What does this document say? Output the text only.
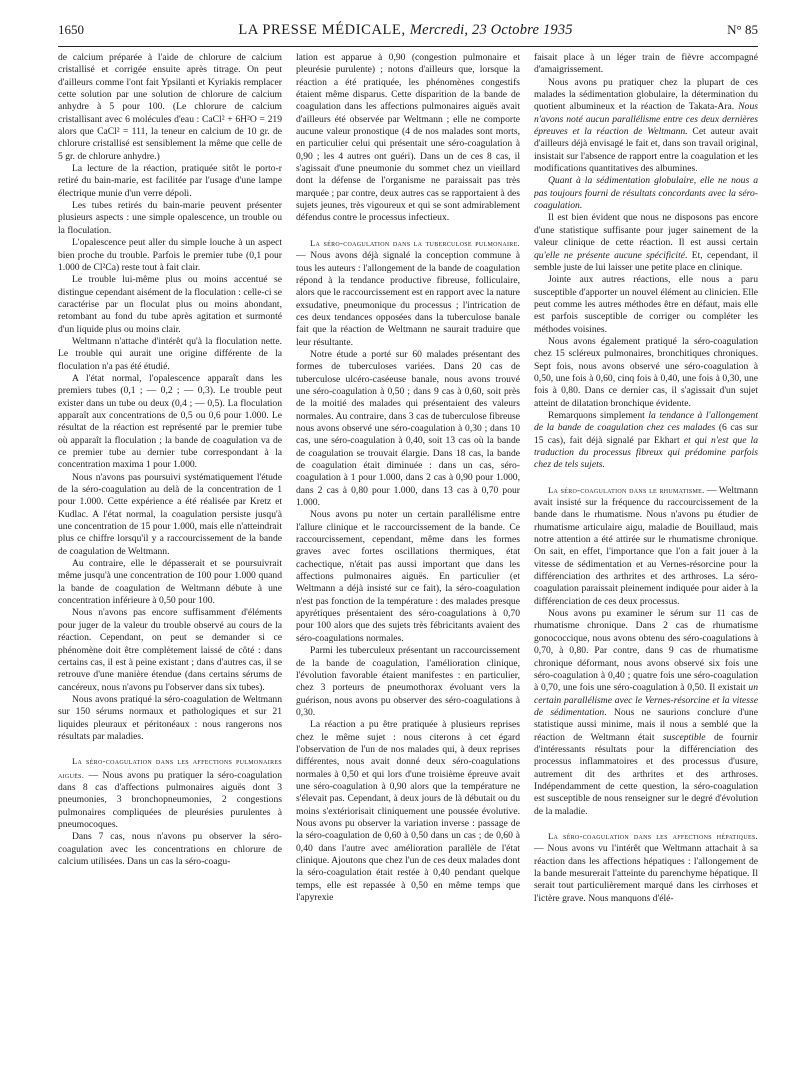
1650	LA PRESSE MÉDICALE, Mercredi, 23 Octobre 1935	N° 85

de calcium préparée à l'aide de chlorure de calcium cristallisé et corrigée ensuite après titrage. On peut d'ailleurs comme l'ont fait Ypsilanti et Kyriakis remplacer cette solution par une solution de chlorure de calcium anhydre à 5 pour 100. (Le chlorure de calcium cristallisant avec 6 molécules d'eau : CaCl² + 6H²O = 219 alors que CaCl² = 111, la teneur en calcium de 10 gr. de chlorure cristallisé est sensiblement la même que celle de 5 gr. de chlorure anhydre.)

La lecture de la réaction, pratiquée sitôt le porto-r retiré du bain-marie, est facilitée par l'usage d'une lampe électrique munie d'un verre dépoli.

Les tubes retirés du bain-marie peuvent présenter plusieurs aspects : une simple opalescence, un trouble ou la floculation.

L'opalescence peut aller du simple louche à un aspect bien proche du trouble. Parfois le premier tube (0,1 pour 1.000 de Cl²Ca) reste tout à fait clair.

Le trouble lui-même plus ou moins accentué se distingue cependant aisément de la floculation : celle-ci se caractérise par un floculat plus ou moins abondant, retombant au fond du tube après agitation et surmonté d'un liquide plus ou moins clair.

Weltmann n'attache d'intérêt qu'à la floculation nette. Le trouble qui aurait une origine différente de la floculation n'a pas été étudié.

A l'état normal, l'opalescence apparaît dans les premiers tubes (0,1 ; — 0,2 ; — 0,3). Le trouble peut exister dans un tube ou deux (0,4 ; — 0,5). La floculation apparaît aux concentrations de 0,5 ou 0,6 pour 1.000. Le résultat de la réaction est représenté par le premier tube où apparaît la floculation ; la bande de coagulation va de ce premier tube au dernier tube correspondant à la concentration maxima 1 pour 1.000.

Nous n'avons pas poursuivi systématiquement l'étude de la séro-coagulation au delà de la concentration de 1 pour 1.000. Cette expérience a été réalisée par Kretz et Kudlac. A l'état normal, la coagulation persiste jusqu'à une concentration de 15 pour 1.000, mais elle n'atteindrait plus ce chiffre lorsqu'il y a raccourcissement de la bande de coagulation de Weltmann.

Au contraire, elle le dépasserait et se poursuivrait même jusqu'à une concentration de 100 pour 1.000 quand la bande de coagulation de Weltmann débute à une concentration inférieure à 0,50 pour 100.

Nous n'avons pas encore suffisamment d'éléments pour juger de la valeur du trouble observé au cours de la réaction. Cependant, on peut se demander si ce phénomène doit être complètement laissé de côté : dans certains cas, il est à peine existant ; dans d'autres cas, il se retrouve d'une manière étendue (dans certains sérums de cancéreux, nous n'avons pu l'observer dans six tubes).

Nous avons pratiqué la séro-coagulation de Weltmann sur 150 sérums normaux et pathologiques et sur 21 liquides pleuraux et péritonéaux : nous rangerons nos résultats par maladies.

La séro-coagulation dans les affections pulmonaires aiguës. — Nous avons pu pratiquer la séro-coagulation dans 8 cas d'affections pulmonaires aiguës dont 3 pneumonies, 3 bronchopneumonies, 2 congestions pulmonaires compliquées de pleurésies purulentes à pneumocoques.

Dans 7 cas, nous n'avons pu observer la séro-coagulation avec les concentrations en chlorure de calcium utilisées. Dans un cas la séro-coagu-

lation est apparue à 0,90 (congestion pulmonaire et pleurésie purulente) ; notons d'ailleurs que, lorsque la réaction a été pratiquée, les phénomènes congestifs étaient même disparus. Cette disparition de la bande de coagulation dans les affections pulmonaires aiguës avait d'ailleurs été observée par Weltmann ; elle ne comporte aucune valeur pronostique (4 de nos malades sont morts, en particulier celui qui présentait une séro-coagulation à 0,90 ; les 4 autres ont guéri). Dans un de ces 8 cas, il s'agissait d'une pneumonie du sommet chez un vieillard dont la défense de l'organisme ne paraissait pas très marquée ; par contre, deux autres cas se rapportaient à des sujets jeunes, très vigoureux et qui se sont admirablement défendus contre le processus infectieux.

La séro-coagulation dans la tuberculose pulmonaire. — Nous avons déjà signalé la conception commune à tous les auteurs : l'allongement de la bande de coagulation répond à la tendance productive fibreuse, folliculaire, alors que le raccourcissement est en rapport avec la nature exsudative, pneumonique du processus ; l'intrication de ces deux tendances opposées dans la tuberculose banale fait que la réaction de Weltmann ne saurait traduire que leur résultante.

Notre étude a porté sur 60 malades présentant des formes de tuberculoses variées. Dans 20 cas de tuberculose ulcéro-caséeuse banale, nous avons trouvé une séro-coagulation à 0,50 ; dans 9 cas à 0,60, soit près de la moitié des malades qui présentaient des valeurs normales. Au contraire, dans 3 cas de tuberculose fibreuse nous avons observé une séro-coagulation à 0,30 ; dans 10 cas, une séro-coagulation à 0,40, soit 13 cas où la bande de coagulation se trouvait élargie. Dans 18 cas, la bande de coagulation était diminuée : dans un cas, séro-coagulation à 1 pour 1.000, dans 2 cas à 0,90 pour 1.000, dans 2 cas à 0,80 pour 1.000, dans 13 cas à 0,70 pour 1.000.

Nous avons pu noter un certain parallélisme entre l'allure clinique et le raccourcissement de la bande. Ce raccourcissement, cependant, même dans les formes graves avec fortes oscillations thermiques, état cachectique, n'était pas aussi important que dans les affections pulmonaires aiguës. En particulier (et Weltmann a déjà insisté sur ce fait), la séro-coagulation n'est pas fonction de la température : des malades presque apyrétiques présentaient des séro-coagulations à 0,70 pour 100 alors que des sujets très fébricitants avaient des séro-coagulations normales.

Parmi les tuberculeux présentant un raccourcissement de la bande de coagulation, l'amélioration clinique, l'évolution favorable étaient manifestes : en particulier, chez 3 porteurs de pneumothorax évoluant vers la guérison, nous avons pu observer des séro-coagulations à 0,30.

La réaction a pu être pratiquée à plusieurs reprises chez le même sujet : nous citerons à cet égard l'observation de l'un de nos malades qui, à deux reprises différentes, nous avait donné deux séro-coagulations normales à 0,50 et qui lors d'une troisième épreuve avait une séro-coagulation à 0,90 alors que la température ne s'élevait pas. Cependant, à deux jours de là débutait ou du moins s'extériorisait cliniquement une poussée évolutive. Nous avons pu observer la variation inverse : passage de la séro-coagulation de 0,60 à 0,50 dans un cas ; de 0,60 à 0,40 dans l'autre avec amélioration parallèle de l'état clinique. Ajoutons que chez l'un de ces deux malades dont la séro-coagulation était restée à 0,40 pendant quelque temps, elle est repassée à 0,50 en même temps que l'apyrexie

faisait place à un léger train de fièvre accompagné d'amaigrissement.

Nous avons pu pratiquer chez la plupart de ces malades la sédimentation globulaire, la détermination du quotient albumineux et la réaction de Takata-Ara. Nous n'avons noté aucun parallélisme entre ces deux dernières épreuves et la réaction de Weltmann. Cet auteur avait d'ailleurs déjà envisagé le fait et, dans son travail original, insistait sur l'absence de rapport entre la coagulation et les modifications quantitatives des albumines.

Quant à la sédimentation globulaire, elle ne nous a pas toujours fourni de résultats concordants avec la séro-coagulation.

Il est bien évident que nous ne disposons pas encore d'une statistique suffisante pour juger sainement de la valeur clinique de cette réaction. Il est aussi certain qu'elle ne présente aucune spécificité. Et, cependant, il semble juste de lui laisser une petite place en clinique.

Jointe aux autres réactions, elle nous a paru susceptible d'apporter un nouvel élément au clinicien. Elle peut comme les autres méthodes être en défaut, mais elle est parfois susceptible de corriger ou compléter les méthodes voisines.

Nous avons également pratiqué la séro-coagulation chez 15 scléreux pulmonaires, bronchitiques chroniques. Sept fois, nous avons observé une séro-coagulation à 0,50, une fois à 0,60, cinq fois à 0,40, une fois à 0,30, une fois à 0,80. Dans ce dernier cas, il s'agissait d'un sujet atteint de dilatation bronchique évidente.

Remarquons simplement la tendance à l'allongement de la bande de coagulation chez ces malades (6 cas sur 15 cas), fait déjà signalé par Ekhart et qui n'est que la traduction du processus fibreux qui prédomine parfois chez de tels sujets.

La séro-coagulation dans le rhumatisme. — Weltmann avait insisté sur la fréquence du raccourcissement de la bande dans le rhumatisme. Nous n'avons pu étudier de rhumatisme articulaire aigu, maladie de Bouillaud, mais notre attention a été attirée sur le rhumatisme chronique. On sait, en effet, l'importance que l'on a fait jouer à la vitesse de sédimentation et au Vernes-résorcine pour la différenciation des arthrites et des arthroses. La séro-coagulation paraissait pleinement indiquée pour aider à la différenciation de ces deux processus.

Nous avons pu examiner le sérum sur 11 cas de rhumatisme chronique. Dans 2 cas de rhumatisme gonococcique, nous avons obtenu des séro-coagulations à 0,70, à 0,80. Par contre, dans 9 cas de rhumatisme chronique déformant, nous avons observé six fois une séro-coagulation à 0,40 ; quatre fois une séro-coagulation à 0,70, une fois une séro-coagulation à 0,50. Il existait un certain parallélisme avec le Vernes-résorcine et la vitesse de sédimentation. Nous ne saurions conclure d'une statistique aussi minime, mais il nous a semblé que la réaction de Weltmann était susceptible de fournir d'intéressants résultats pour la différenciation des processus inflammatoires et des processus d'usure, autrement dit des arthrites et des arthroses. Indépendamment de cette question, la séro-coagulation est susceptible de nous renseigner sur le degré d'évolution de la maladie.

La séro-coagulation dans les affections hépatiques. — Nous avons vu l'intérêt que Weltmann attachait à sa réaction dans les affections hépatiques : l'allongement de la bande mesurerait l'atteinte du parenchyme hépatique. Il serait tout particulièrement marqué dans les cirrhoses et l'ictère grave. Nous manquons d'élé-
